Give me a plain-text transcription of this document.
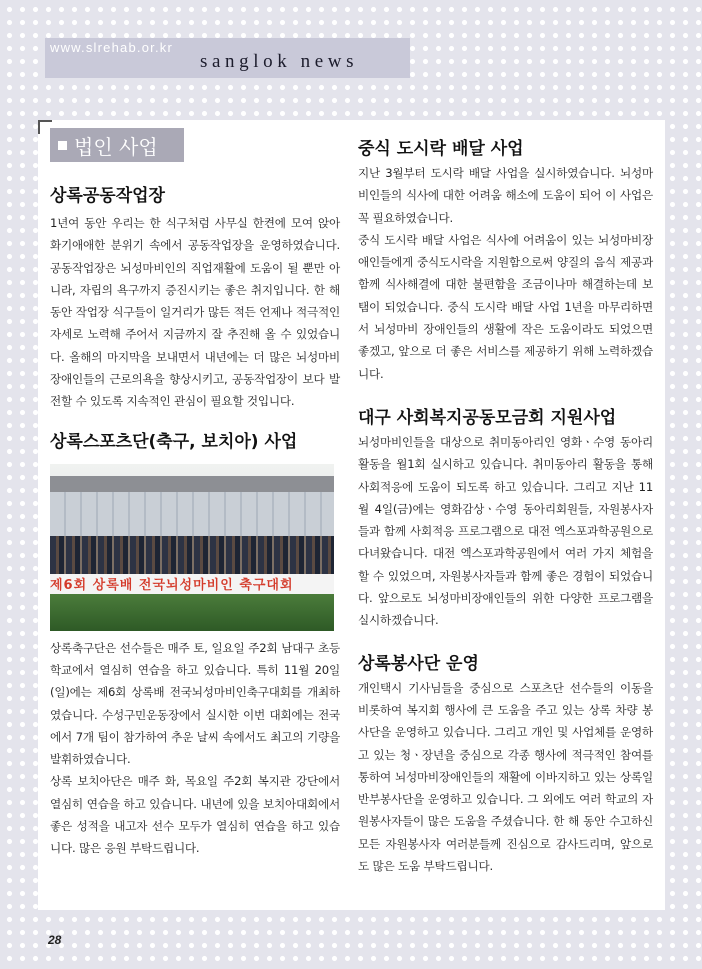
www.slrehab.or.kr
sanglok news
법인 사업
상록공동작업장

1년여 동안 우리는 한 식구처럼 사무실 한켠에 모여 앉아 화기애애한 분위기 속에서 공동작업장을 운영하였습니다. 공동작업장은 뇌성마비인의 직업재활에 도움이 될 뿐만 아니라, 자립의 욕구까지 증진시키는 좋은 취지입니다. 한 해 동안 작업장 식구들이 일거리가 많든 적든 언제나 적극적인 자세로 노력해 주어서 지금까지 잘 추진해 올 수 있었습니다. 올해의 마지막을 보내면서 내년에는 더 많은 뇌성마비장애인들의 근로의욕을 향상시키고, 공동작업장이 보다 발전할 수 있도록 지속적인 관심이 필요할 것입니다.

상록스포츠단(축구, 보치아) 사업
제6회 상록배 전국뇌성마비인 축구대회

상록축구단은 선수들은 매주 토, 일요일 주2회 남대구 초등학교에서 열심히 연습을 하고 있습니다. 특히 11월 20일(일)에는 제6회 상록배 전국뇌성마비인축구대회를 개최하였습니다. 수성구민운동장에서 실시한 이번 대회에는 전국에서 7개 팀이 참가하여 추운 날씨 속에서도 최고의 기량을 발휘하였습니다.

상록 보치아단은 매주 화, 목요일 주2회 복지관 강단에서 열심히 연습을 하고 있습니다. 내년에 있을 보치아대회에서 좋은 성적을 내고자 선수 모두가 열심히 연습을 하고 있습니다. 많은 응원 부탁드립니다.

중식 도시락 배달 사업

지난 3월부터 도시락 배달 사업을 실시하였습니다. 뇌성마비인들의 식사에 대한 어려움 해소에 도움이 되어 이 사업은 꼭 필요하였습니다.

중식 도시락 배달 사업은 식사에 어려움이 있는 뇌성마비장애인들에게 중식도시락을 지원함으로써 양질의 음식 제공과 함께 식사해결에 대한 불편함을 조금이나마 해결하는데 보탬이 되었습니다. 중식 도시락 배달 사업 1년을 마무리하면서 뇌성마비 장애인들의 생활에 작은 도움이라도 되었으면 좋겠고, 앞으로 더 좋은 서비스를 제공하기 위해 노력하겠습니다.

대구 사회복지공동모금회 지원사업

뇌성마비인들을 대상으로 취미동아리인 영화ㆍ수영 동아리활동을 월1회 실시하고 있습니다. 취미동아리 활동을 통해 사회적응에 도움이 되도록 하고 있습니다. 그리고 지난 11월 4일(금)에는 영화감상ㆍ수영 동아리회원들, 자원봉사자들과 함께 사회적응 프로그램으로 대전 엑스포과학공원으로 다녀왔습니다. 대전 엑스포과학공원에서 여러 가지 체험을 할 수 있었으며, 자원봉사자들과 함께 좋은 경험이 되었습니다. 앞으로도 뇌성마비장애인들의 위한 다양한 프로그램을 실시하겠습니다.

상록봉사단 운영

개인택시 기사님들을 중심으로 스포츠단 선수들의 이동을 비롯하여 복지회 행사에 큰 도움을 주고 있는 상록 차량 봉사단을 운영하고 있습니다. 그리고 개인 및 사업체를 운영하고 있는 청ㆍ장년을 중심으로 각종 행사에 적극적인 참여를 통하여 뇌성마비장애인들의 재활에 이바지하고 있는 상록일반부봉사단을 운영하고 있습니다. 그 외에도 여러 학교의 자원봉사자들이 많은 도움을 주셨습니다. 한 해 동안 수고하신 모든 자원봉사자 여러분들께 진심으로 감사드리며, 앞으로도 많은 도움 부탁드립니다.

28
